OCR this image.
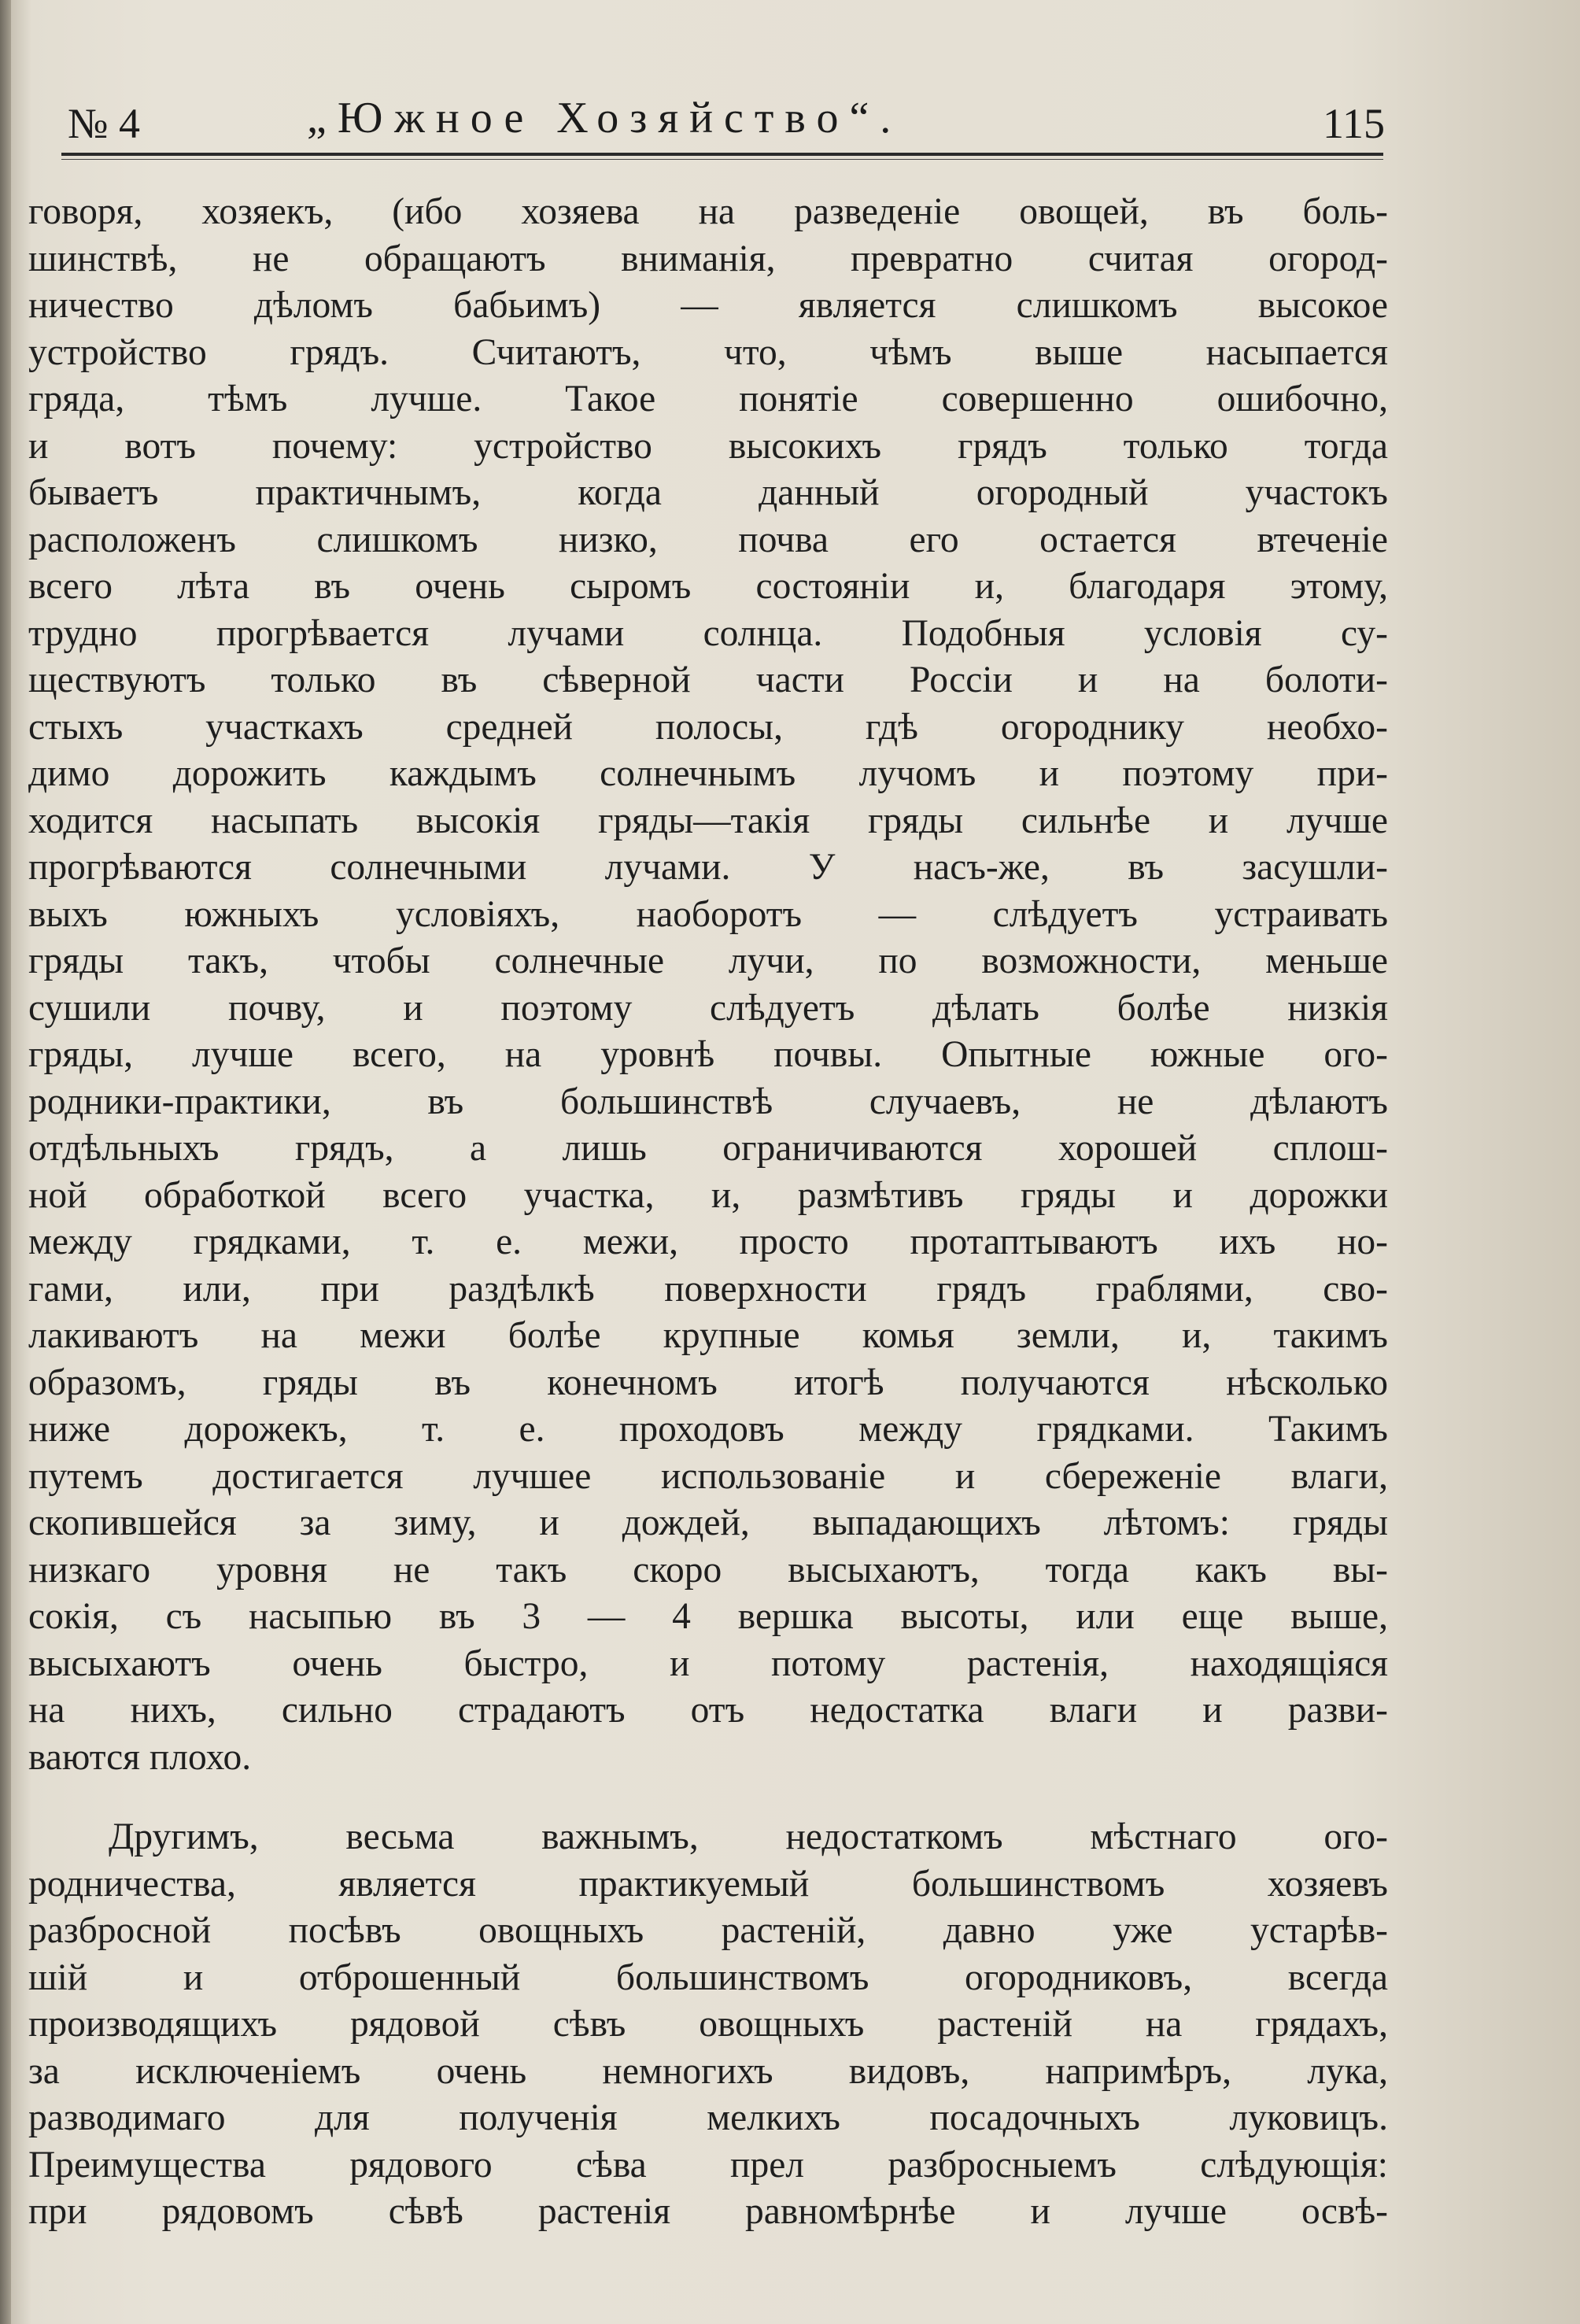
№ 4	„Южное Хозяйство“.	115
говоря, хозяекъ, (ибо хозяева на разведеніе овощей, въ боль-
шинствѣ, не обращаютъ вниманія, превратно считая огород-
ничество дѣломъ бабьимъ) — является слишкомъ высокое
устройство грядъ. Считаютъ, что, чѣмъ выше насыпается
гряда, тѣмъ лучше. Такое понятіе совершенно ошибочно,
и вотъ почему: устройство высокихъ грядъ только тогда
бываетъ практичнымъ, когда данный огородный участокъ
расположенъ слишкомъ низко, почва его остается втеченіе
всего лѣта въ очень сыромъ состояніи и, благодаря этому,
трудно прогрѣвается лучами солнца. Подобныя условія су-
ществуютъ только въ сѣверной части Россіи и на болоти-
стыхъ участкахъ средней полосы, гдѣ огороднику необхо-
димо дорожить каждымъ солнечнымъ лучомъ и поэтому при-
ходится насыпать высокія гряды—такія гряды сильнѣе и лучше
прогрѣваются солнечными лучами. У насъ-же, въ засушли-
выхъ южныхъ условіяхъ, наоборотъ — слѣдуетъ устраивать
гряды такъ, чтобы солнечные лучи, по возможности, меньше
сушили почву, и поэтому слѣдуетъ дѣлать болѣе низкія
гряды, лучше всего, на уровнѣ почвы. Опытные южные ого-
родники-практики, въ большинствѣ случаевъ, не дѣлаютъ
отдѣльныхъ грядъ, а лишь ограничиваются хорошей сплош-
ной обработкой всего участка, и, размѣтивъ гряды и дорожки
между грядками, т. е. межи, просто протаптываютъ ихъ но-
гами, или, при раздѣлкѣ поверхности грядъ граблями, сво-
лакиваютъ на межи болѣе крупные комья земли, и, такимъ
образомъ, гряды въ конечномъ итогѣ получаются нѣсколько
ниже дорожекъ, т. е. проходовъ между грядками. Такимъ
путемъ достигается лучшее использованіе и сбереженіе влаги,
скопившейся за зиму, и дождей, выпадающихъ лѣтомъ: гряды
низкаго уровня не такъ скоро высыхаютъ, тогда какъ вы-
сокія, съ насыпью въ 3 — 4 вершка высоты, или еще выше,
высыхаютъ очень быстро, и потому растенія, находящіяся
на нихъ, сильно страдаютъ отъ недостатка влаги и разви-
ваются плохо.
Другимъ, весьма важнымъ, недостаткомъ мѣстнаго ого-
родничества, является практикуемый большинствомъ хозяевъ
разбросной посѣвъ овощныхъ растеній, давно уже устарѣв-
шій и отброшенный большинствомъ огородниковъ, всегда
производящихъ рядовой сѣвъ овощныхъ растеній на грядахъ,
за исключеніемъ очень немногихъ видовъ, напримѣръ, лука,
разводимаго для полученія мелкихъ посадочныхъ луковицъ.
Преимущества рядового сѣва прел разбросныемъ слѣдующія:
при рядовомъ сѣвѣ растенія равномѣрнѣе и лучше освѣ-
